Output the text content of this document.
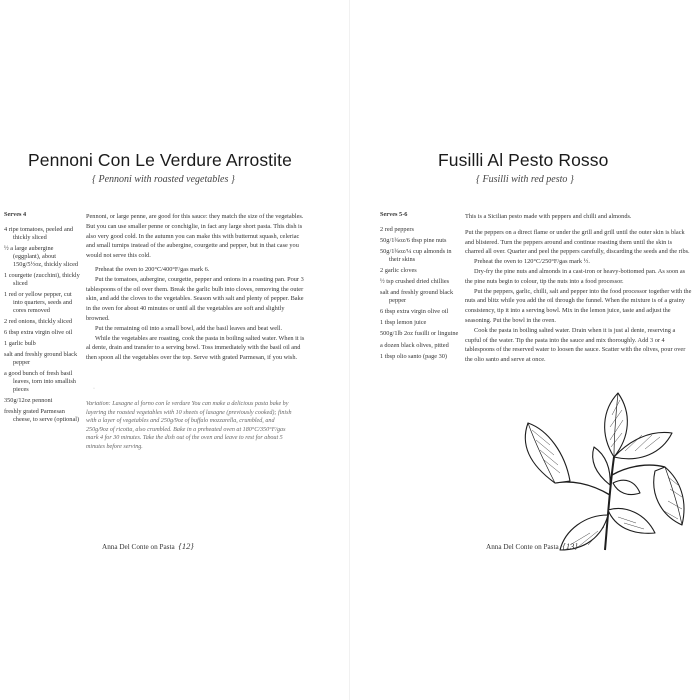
Pennoni Con Le Verdure Arrostite
{ Pennoni with roasted vegetables }
Serves 4
4 ripe tomatoes, peeled and thickly sliced
½ a large aubergine (eggplant), about 150g/5½oz, thickly sliced
1 courgette (zucchini), thickly sliced
1 red or yellow pepper, cut into quarters, seeds and cores removed
2 red onions, thickly sliced
6 tbsp extra virgin olive oil
1 garlic bulb
salt and freshly ground black pepper
a good bunch of fresh basil leaves, torn into smallish pieces
350g/12oz pennoni
freshly grated Parmesan cheese, to serve (optional)

Pennoni, or large penne, are good for this sauce: they match the size of the vegetables. But you can use smaller penne or conchiglie, in fact any large short pasta. This dish is also very good cold. In the autumn you can make this with butternut squash, celeriac and small turnips instead of the aubergine, courgette and pepper, but in that case you would not serve this cold.

Preheat the oven to 200°C/400°F/gas mark 6.

Put the tomatoes, aubergine, courgette, pepper and onions in a roasting pan. Pour 3 tablespoons of the oil over them. Break the garlic bulb into cloves, removing the outer skin, and add the cloves to the vegetables. Season with salt and plenty of pepper. Bake in the oven for about 40 minutes or until all the vegetables are soft and slightly browned.

Put the remaining oil into a small bowl, add the basil leaves and beat well.

While the vegetables are roasting, cook the pasta in boiling salted water. When it is al dente, drain and transfer to a serving bowl. Toss immediately with the basil oil and then spoon all the vegetables over the top. Serve with grated Parmesan, if you wish.

Variation: Lasagne al forno con le verdure You can make a delicious pasta bake by layering the roasted vegetables with 10 sheets of lasagne (previously cooked); finish with a layer of vegetables and 250g/9oz of buffalo mozzarella, crumbled, and 250g/9oz of ricotta, also crumbled. Bake in a preheated oven at 180°C/350°F/gas mark 4 for 30 minutes. Take the dish out of the oven and leave to rest for about 5 minutes before serving.
·
Anna Del Conte on Pasta {12}
Fusilli Al Pesto Rosso
{ Fusilli with red pesto }
Serves 5-6
2 red peppers
50g/1¾oz/6 tbsp pine nuts
50g/1¾oz/¼ cup almonds in their skins
2 garlic cloves
½ tsp crushed dried chillies
salt and freshly ground black pepper
6 tbsp extra virgin olive oil
1 tbsp lemon juice
500g/1lb 2oz fusilli or linguine
a dozen black olives, pitted
1 tbsp olio santo (page 30)

This is a Sicilian pesto made with peppers and chilli and almonds.

Put the peppers on a direct flame or under the grill and grill until the outer skin is black and blistered. Turn the peppers around and continue roasting them until the skin is charred all over. Quarter and peel the peppers carefully, discarding the seeds and the ribs.

Preheat the oven to 120°C/250°F/gas mark ½.

Dry-fry the pine nuts and almonds in a cast-iron or heavy-bottomed pan. As soon as the pine nuts begin to colour, tip the nuts into a food processor.

Put the peppers, garlic, chilli, salt and pepper into the food processor together with the nuts and blitz while you add the oil through the funnel. When the mixture is of a grainy consistency, tip it into a serving bowl. Mix in the lemon juice, taste and adjust the seasoning. Put the bowl in the oven.

Cook the pasta in boiling salted water. Drain when it is just al dente, reserving a cupful of the water. Tip the pasta into the sauce and mix thoroughly. Add 3 or 4 tablespoons of the reserved water to loosen the sauce. Scatter with the olives, pour over the olio santo and serve at once.

Anna Del Conte on Pasta {13}
